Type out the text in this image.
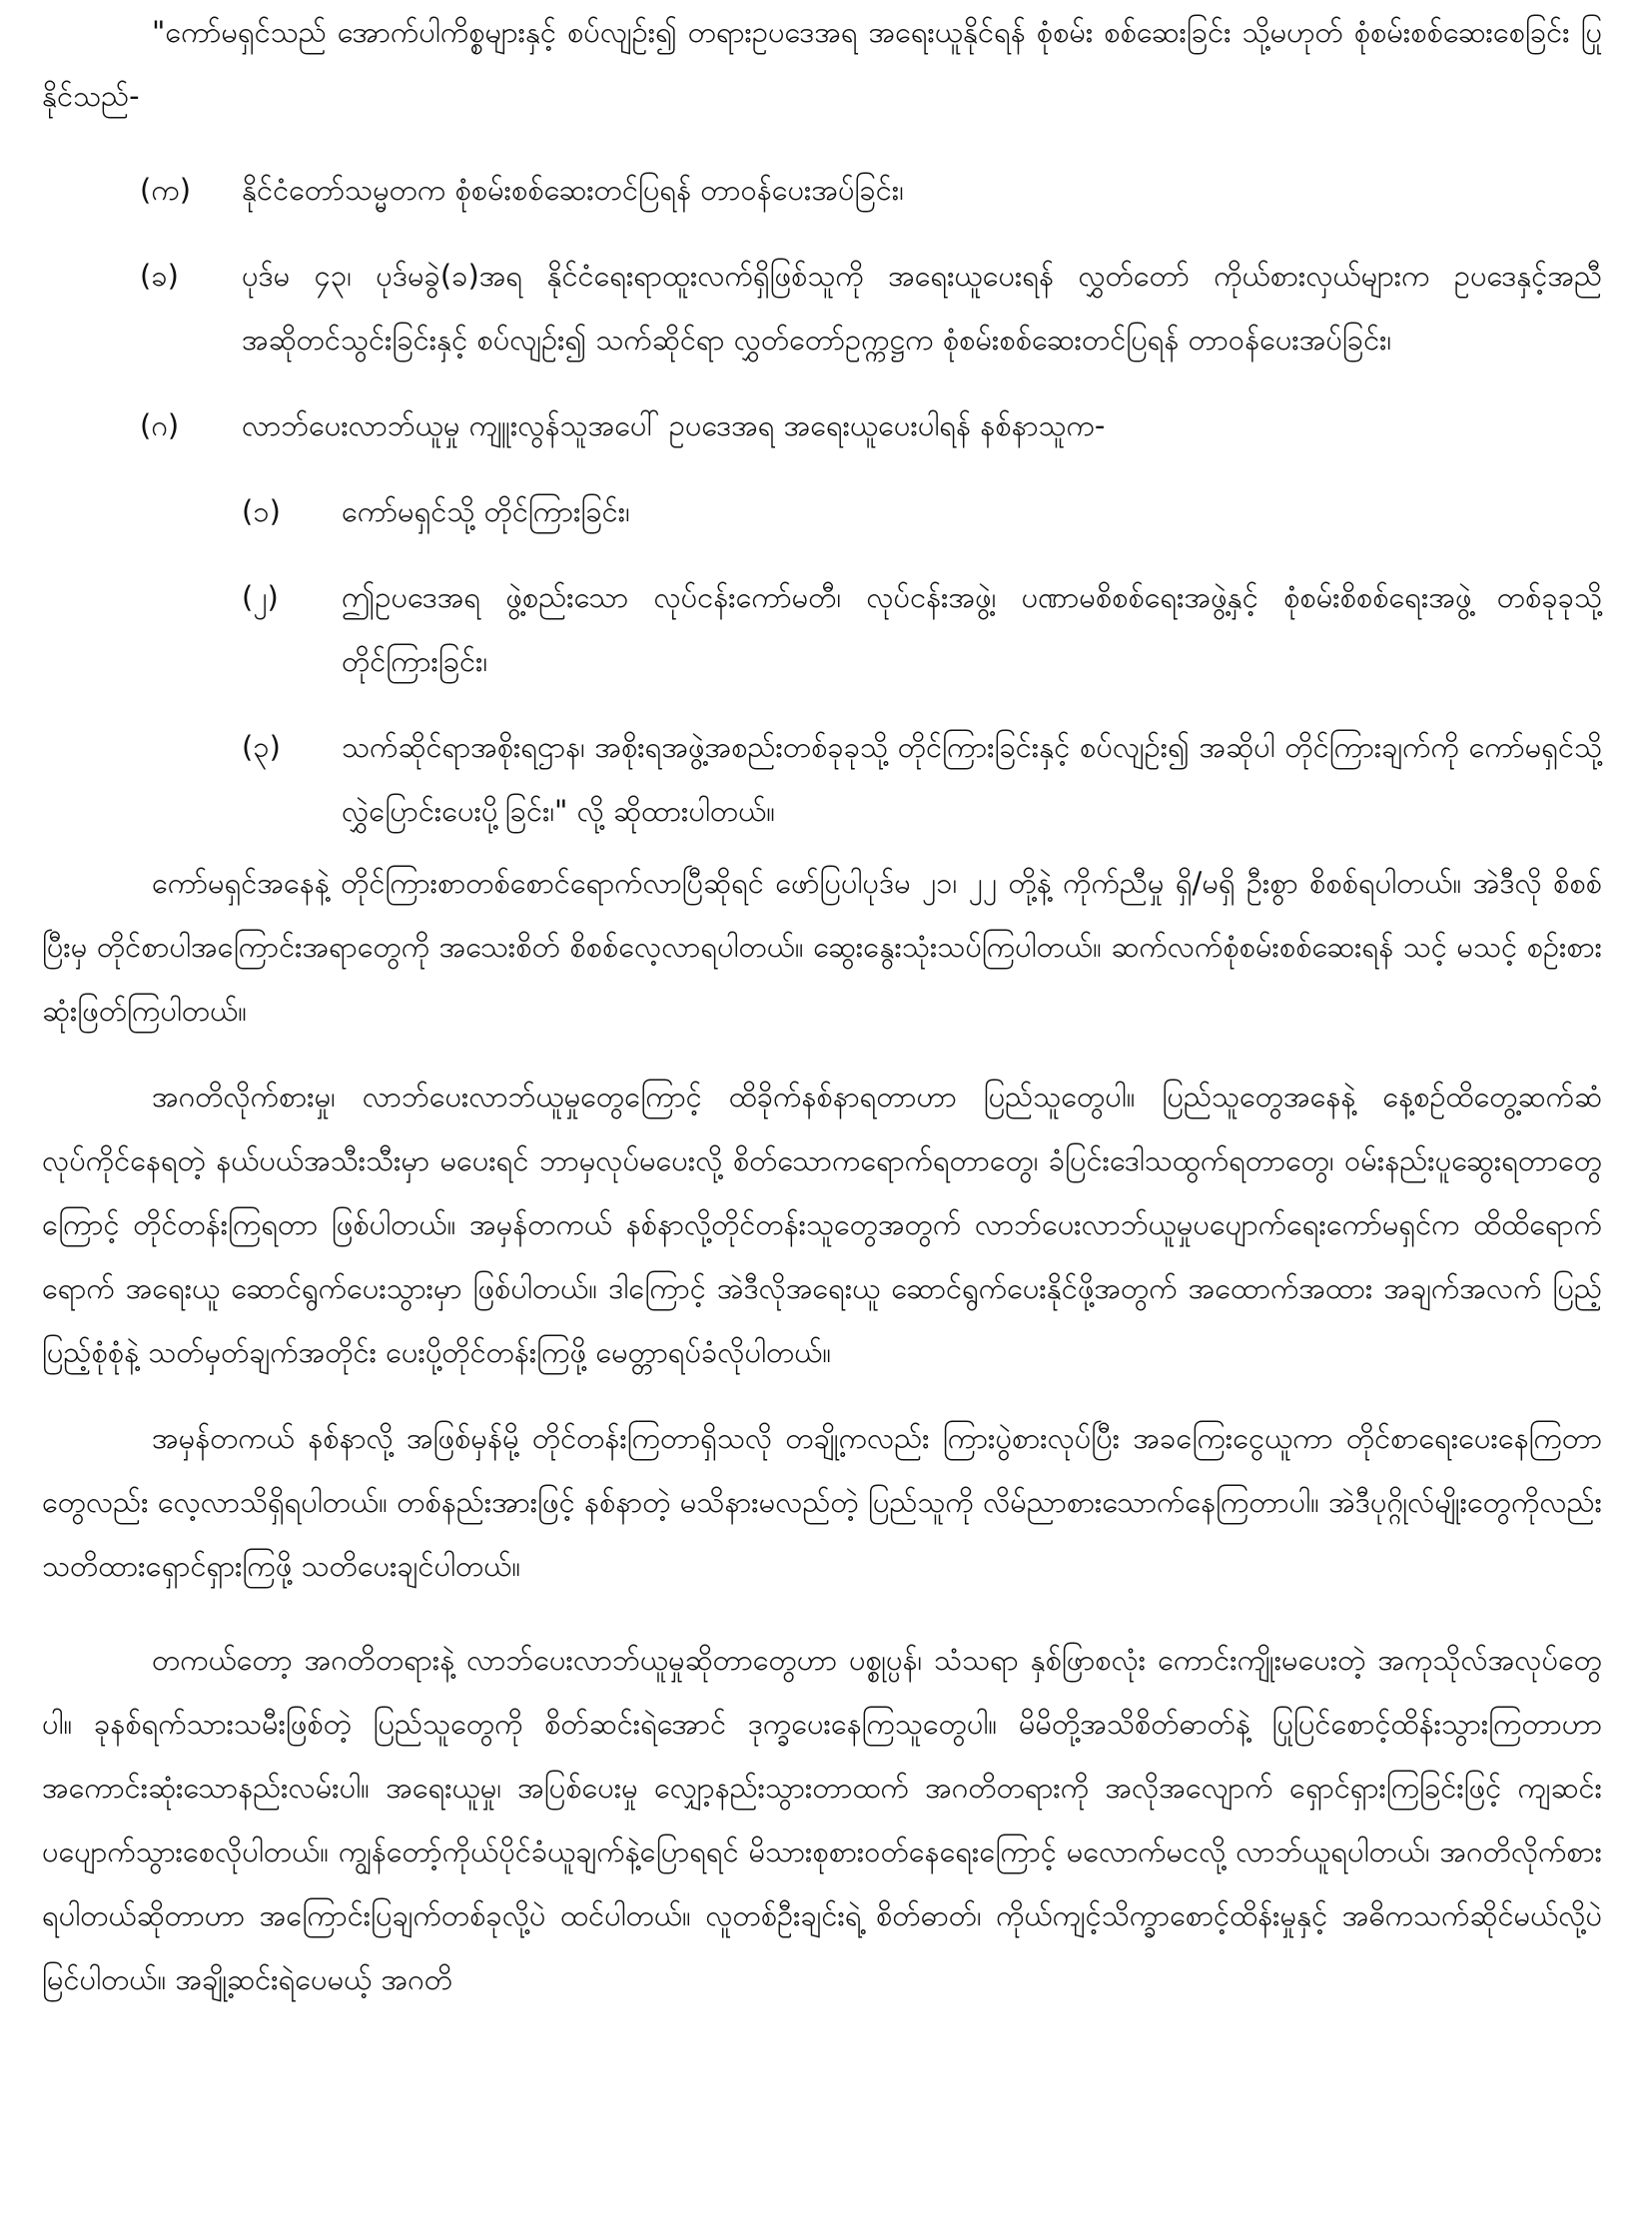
"ကော်မရှင်သည် အောက်ပါကိစ္စများနှင့် စပ်လျဉ်း၍ တရားဥပဒေအရ အရေးယူနိုင်ရန် စုံစမ်း စစ်ဆေးခြင်း သို့မဟုတ် စုံစမ်းစစ်ဆေးစေခြင်း ပြုနိုင်သည်-

(က) နိုင်ငံတော်သမ္မတက စုံစမ်းစစ်ဆေးတင်ပြရန် တာဝန်ပေးအပ်ခြင်း၊

(ခ) ပုဒ်မ ၄၃၊ ပုဒ်မခွဲ(ခ)အရ နိုင်ငံရေးရာထူးလက်ရှိဖြစ်သူကို အရေးယူပေးရန် လွှတ်တော် ကိုယ်စားလှယ်များက ဥပဒေနှင့်အညီ အဆိုတင်သွင်းခြင်းနှင့် စပ်လျဉ်း၍ သက်ဆိုင်ရာ လွှတ်တော်ဥက္ကဋ္ဌက စုံစမ်းစစ်ဆေးတင်ပြရန် တာဝန်ပေးအပ်ခြင်း၊

(ဂ) လာဘ်ပေးလာဘ်ယူမှု ကျူးလွန်သူအပေါ် ဥပဒေအရ အရေးယူပေးပါရန် နစ်နာသူက-

(၁) ကော်မရှင်သို့ တိုင်ကြားခြင်း၊

(၂) ဤဥပဒေအရ ဖွဲ့စည်းသော လုပ်ငန်းကော်မတီ၊ လုပ်ငန်းအဖွဲ့၊ ပဏာမစိစစ်ရေးအဖွဲ့နှင့် စုံစမ်းစိစစ်ရေးအဖွဲ့ တစ်ခုခုသို့ တိုင်ကြားခြင်း၊

(၃) သက်ဆိုင်ရာအစိုးရဌာန၊ အစိုးရအဖွဲ့အစည်းတစ်ခုခုသို့ တိုင်ကြားခြင်းနှင့် စပ်လျဉ်း၍ အဆိုပါ တိုင်ကြားချက်ကို ကော်မရှင်သို့ လွှဲပြောင်းပေးပို့ခြင်း၊" လို့ ဆိုထားပါတယ်။

ကော်မရှင်အနေနဲ့ တိုင်ကြားစာတစ်စောင်ရောက်လာပြီဆိုရင် ဖော်ပြပါပုဒ်မ ၂၁၊ ၂၂ တို့နဲ့ ကိုက်ညီမှု ရှိ/မရှိ ဦးစွာ စိစစ်ရပါတယ်။ အဲဒီလို စိစစ်ပြီးမှ တိုင်စာပါအကြောင်းအရာတွေကို အသေးစိတ် စိစစ်လေ့လာရပါတယ်။ ဆွေးနွေးသုံးသပ်ကြပါတယ်။ ဆက်လက်စုံစမ်းစစ်ဆေးရန် သင့် မသင့် စဉ်းစားဆုံးဖြတ်ကြပါတယ်။

အဂတိလိုက်စားမှု၊ လာဘ်ပေးလာဘ်ယူမှုတွေကြောင့် ထိခိုက်နစ်နာရတာဟာ ပြည်သူတွေပါ။ ပြည်သူတွေအနေနဲ့ နေ့စဉ်ထိတွေ့ဆက်ဆံ လုပ်ကိုင်နေရတဲ့ နယ်ပယ်အသီးသီးမှာ မပေးရင် ဘာမှလုပ်မပေးလို့ စိတ်သောကရောက်ရတာတွေ၊ ခံပြင်းဒေါသထွက်ရတာတွေ၊ ဝမ်းနည်းပူဆွေးရတာတွေကြောင့် တိုင်တန်းကြရတာ ဖြစ်ပါတယ်။ အမှန်တကယ် နစ်နာလို့တိုင်တန်းသူတွေအတွက် လာဘ်ပေးလာဘ်ယူမှုပပျောက်ရေးကော်မရှင်က ထိထိရောက်ရောက် အရေးယူ ဆောင်ရွက်ပေးသွားမှာ ဖြစ်ပါတယ်။ ဒါကြောင့် အဲဒီလိုအရေးယူ ဆောင်ရွက်ပေးနိုင်ဖို့အတွက် အထောက်အထား အချက်အလက် ပြည့်ပြည့်စုံစုံနဲ့ သတ်မှတ်ချက်အတိုင်း ပေးပို့တိုင်တန်းကြဖို့ မေတ္တာရပ်ခံလိုပါတယ်။

အမှန်တကယ် နစ်နာလို့ အဖြစ်မှန်မို့ တိုင်တန်းကြတာရှိသလို တချို့ကလည်း ကြားပွဲစားလုပ်ပြီး အခကြေးငွေယူကာ တိုင်စာရေးပေးနေကြတာတွေလည်း လေ့လာသိရှိရပါတယ်။ တစ်နည်းအားဖြင့် နစ်နာတဲ့ မသိနားမလည်တဲ့ ပြည်သူကို လိမ်ညာစားသောက်နေကြတာပါ။ အဲဒီပုဂ္ဂိုလ်မျိုးတွေကိုလည်း သတိထားရှောင်ရှားကြဖို့ သတိပေးချင်ပါတယ်။

တကယ်တော့ အဂတိတရားနဲ့ လာဘ်ပေးလာဘ်ယူမှုဆိုတာတွေဟာ ပစ္စုပ္ပန်၊ သံသရာ နှစ်ဖြာစလုံး ကောင်းကျိုးမပေးတဲ့ အကုသိုလ်အလုပ်တွေပါ။ ခုနစ်ရက်သားသမီးဖြစ်တဲ့ ပြည်သူတွေကို စိတ်ဆင်းရဲအောင် ဒုက္ခပေးနေကြသူတွေပါ။ မိမိတို့အသိစိတ်ဓာတ်နဲ့ ပြုပြင်စောင့်ထိန်းသွားကြတာဟာ အကောင်းဆုံးသောနည်းလမ်းပါ။ အရေးယူမှု၊ အပြစ်ပေးမှု လျှော့နည်းသွားတာထက် အဂတိတရားကို အလိုအလျောက် ရှောင်ရှားကြခြင်းဖြင့် ကျဆင်းပပျောက်သွားစေလိုပါတယ်။ ကျွန်တော့်ကိုယ်ပိုင်ခံယူချက်နဲ့ပြောရရင် မိသားစုစားဝတ်နေရေးကြောင့် မလောက်မငလို့ လာဘ်ယူရပါတယ်၊ အဂတိလိုက်စားရပါတယ်ဆိုတာဟာ အကြောင်းပြချက်တစ်ခုလို့ပဲ ထင်ပါတယ်။ လူတစ်ဦးချင်းရဲ့ စိတ်ဓာတ်၊ ကိုယ်ကျင့်သိက္ခာစောင့်ထိန်းမှုနှင့် အဓိကသက်ဆိုင်မယ်လို့ပဲ မြင်ပါတယ်။ အချို့ဆင်းရဲပေမယ့် အဂတိ
